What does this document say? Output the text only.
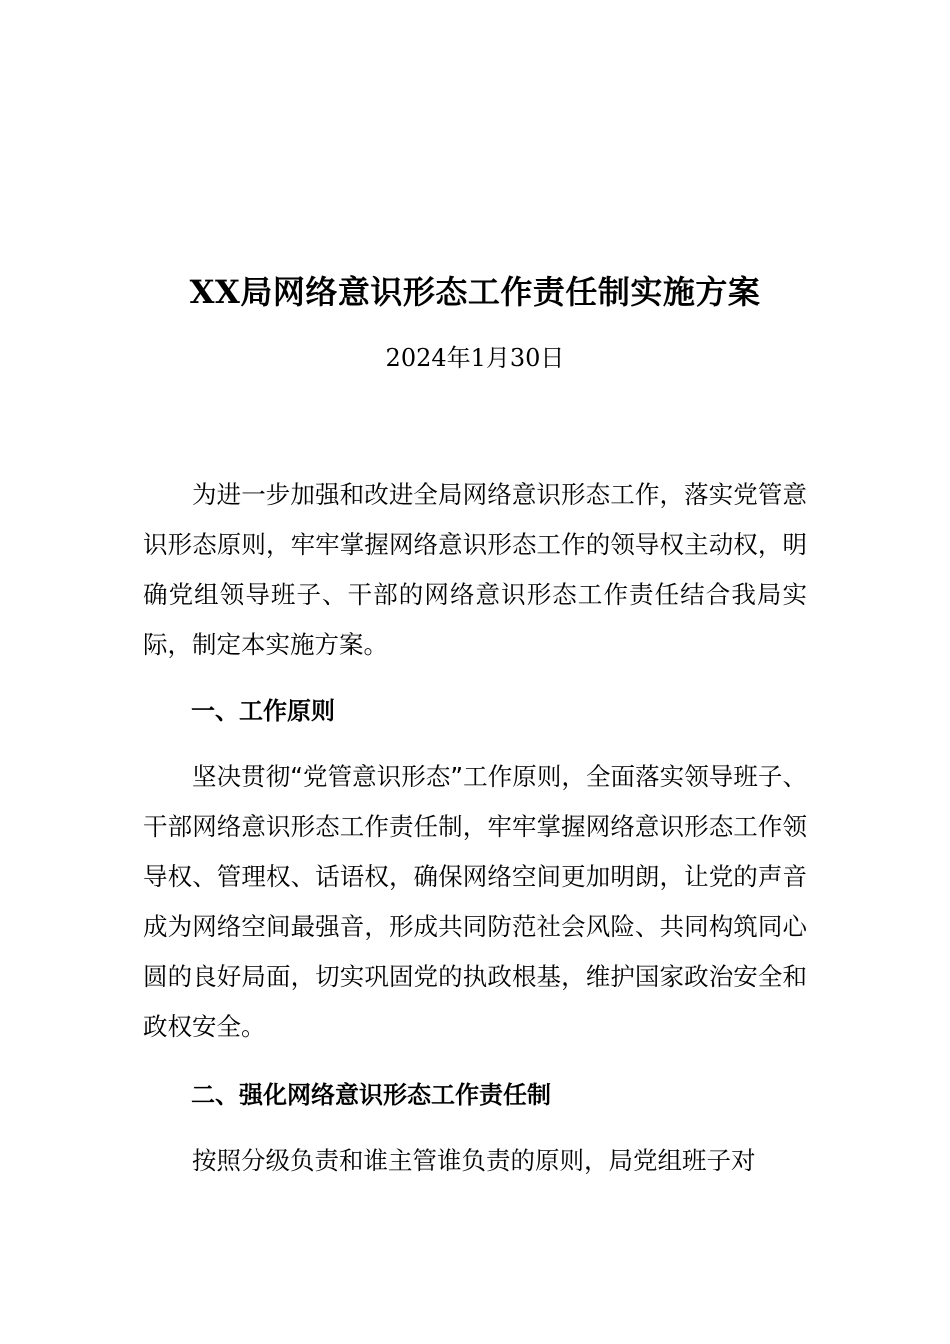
XX局网络意识形态工作责任制实施方案
2024年1月30日

为进一步加强和改进全局网络意识形态工作，落实党管意识形态原则，牢牢掌握网络意识形态工作的领导权主动权，明确党组领导班子、干部的网络意识形态工作责任结合我局实际，制定本实施方案。

一、工作原则

坚决贯彻“党管意识形态”工作原则，全面落实领导班子、干部网络意识形态工作责任制，牢牢掌握网络意识形态工作领导权、管理权、话语权，确保网络空间更加明朗，让党的声音成为网络空间最强音，形成共同防范社会风险、共同构筑同心圆的良好局面，切实巩固党的执政根基，维护国家政治安全和政权安全。

二、强化网络意识形态工作责任制

按照分级负责和谁主管谁负责的原则，局党组班子对
